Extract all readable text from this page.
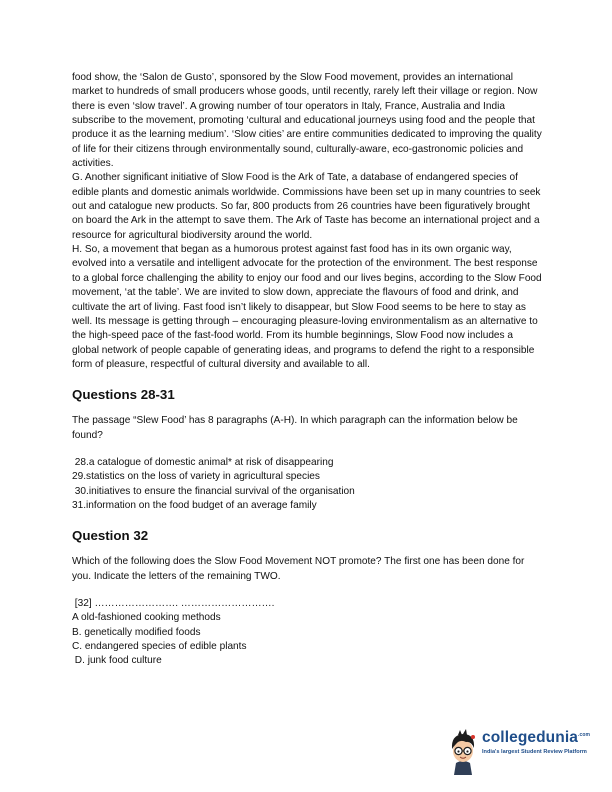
food show, the ‘Salon de Gusto’, sponsored by the Slow Food movement, provides an international market to hundreds of small producers whose goods, until recently, rarely left their village or region. Now there is even ‘slow travel’. A growing number of tour operators in Italy, France, Australia and India subscribe to the movement, promoting ‘cultural and educational journeys using food and the people that produce it as the learning medium’. ‘Slow cities’ are entire communities dedicated to improving the quality of life for their citizens through environmentally sound, culturally-aware, eco-gastronomic policies and activities.

G. Another significant initiative of Slow Food is the Ark of Tate, a database of endangered species of edible plants and domestic animals worldwide. Commissions have been set up in many countries to seek out and catalogue new products. So far, 800 products from 26 countries have been figuratively brought on board the Ark in the attempt to save them. The Ark of Taste has become an international project and a resource for agricultural biodiversity around the world.

H. So, a movement that began as a humorous protest against fast food has in its own organic way, evolved into a versatile and intelligent advocate for the protection of the environment. The best response to a global force challenging the ability to enjoy our food and our lives begins, according to the Slow Food movement, ‘at the table’. We are invited to slow down, appreciate the flavours of food and drink, and cultivate the art of living. Fast food isn’t likely to disappear, but Slow Food seems to be here to stay as well. Its message is getting through – encouraging pleasure-loving environmentalism as an alternative to the high-speed pace of the fast-food world. From its humble beginnings, Slow Food now includes a global network of people capable of generating ideas, and programs to defend the right to a responsible form of pleasure, respectful of cultural diversity and available to all.

Questions 28-31

The passage “Slew Food’ has 8 paragraphs (A-H). In which paragraph can the information below be found?

28.a catalogue of domestic animal* at risk of disappearing
29.statistics on the loss of variety in agricultural species
30.initiatives to ensure the financial survival of the organisation
31.information on the food budget of an average family
Question 32

Which of the following does the Slow Food Movement NOT promote? The first one has been done for you. Indicate the letters of the remaining TWO.

[32] ……………………. ……………………….
A old-fashioned cooking methods
B. genetically modified foods
C. endangered species of edible plants
D. junk food culture
collegedunia$^{.com}$
India's largest Student Review Platform
